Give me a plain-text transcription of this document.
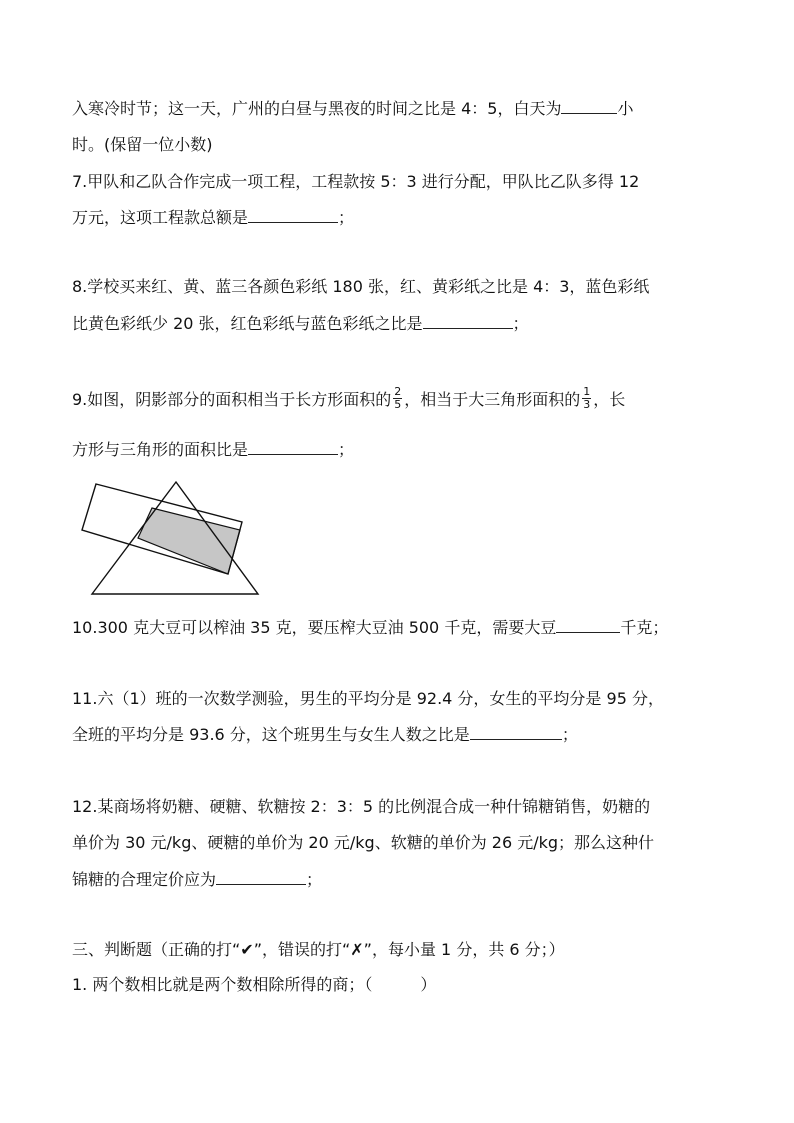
入寒冷时节；这一天，广州的白昼与黑夜的时间之比是 4：5，白天为	小
时。(保留一位小数)
7.甲队和乙队合作完成一项工程，工程款按 5：3 进行分配，甲队比乙队多得 12
万元，这项工程款总额是	；
8.学校买来红、黄、蓝三各颜色彩纸 180 张，红、黄彩纸之比是 4：3，蓝色彩纸
比黄色彩纸少 20 张，红色彩纸与蓝色彩纸之比是	；
9.如图，阴影部分的面积相当于长方形面积的 $\frac{2}{5}$ ，相当于大三角形面积的 $\frac{1}{3}$ ，长
方形与三角形的面积比是	；
10.300 克大豆可以榨油 35 克，要压榨大豆油 500 千克，需要大豆	千克；
11.六（1）班的一次数学测验，男生的平均分是 92.4 分，女生的平均分是 95 分，
全班的平均分是 93.6 分，这个班男生与女生人数之比是	；
12.某商场将奶糖、硬糖、软糖按 2：3：5 的比例混合成一种什锦糖销售，奶糖的
单价为 30 元/kg、硬糖的单价为 20 元/kg、软糖的单价为 26 元/kg；那么这种什
锦糖的合理定价应为	；
三、判断题（正确的打“✔”，错误的打“✗”，每小量 1 分，共 6 分；）
1. 两个数相比就是两个数相除所得的商；（　　　）
